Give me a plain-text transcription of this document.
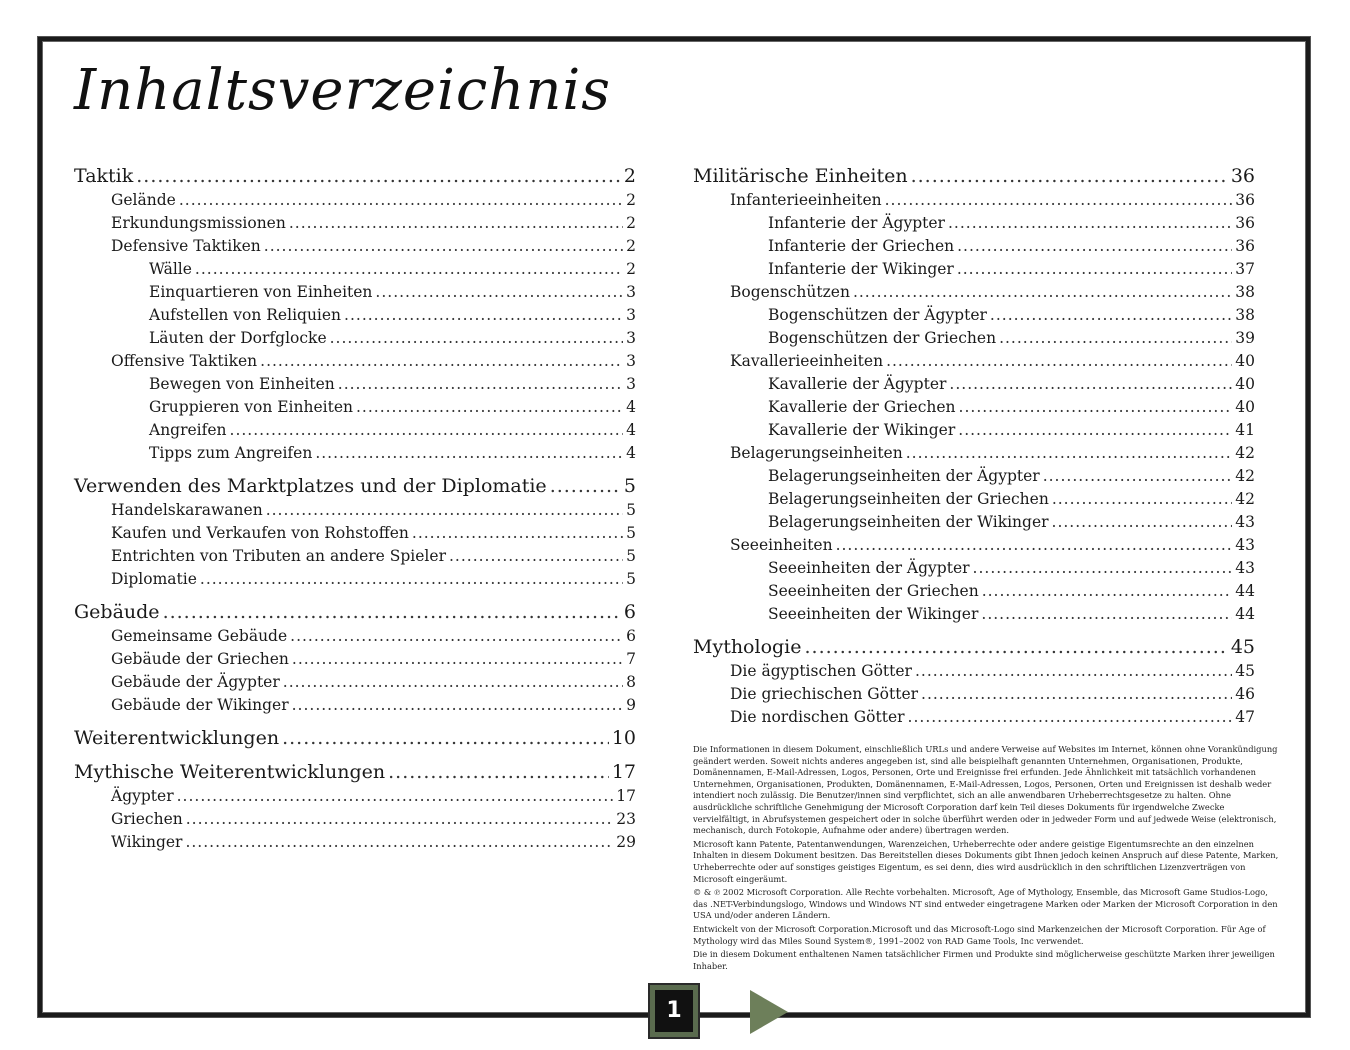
Inhaltsverzeichnis
Taktik .....	2
Gelände .....	2
Erkundungsmissionen .....	2
Defensive Taktiken .....	2
Wälle .....	2
Einquartieren von Einheiten .....	3
Aufstellen von Reliquien .....	3
Läuten der Dorfglocke .....	3
Offensive Taktiken .....	3
Bewegen von Einheiten .....	3
Gruppieren von Einheiten .....	4
Angreifen .....	4
Tipps zum Angreifen .....	4
Verwenden des Marktplatzes und der Diplomatie .....	5
Handelskarawanen .....	5
Kaufen und Verkaufen von Rohstoffen .....	5
Entrichten von Tributen an andere Spieler .....	5
Diplomatie .....	5
Gebäude .....	6
Gemeinsame Gebäude .....	6
Gebäude der Griechen .....	7
Gebäude der Ägypter .....	8
Gebäude der Wikinger .....	9
Weiterentwicklungen .....	10
Mythische Weiterentwicklungen .....	17
Ägypter .....	17
Griechen .....	23
Wikinger .....	29
Militärische Einheiten .....	36
Infanterieeinheiten .....	36
Infanterie der Ägypter .....	36
Infanterie der Griechen .....	36
Infanterie der Wikinger .....	37
Bogenschützen .....	38
Bogenschützen der Ägypter .....	38
Bogenschützen der Griechen .....	39
Kavallerieeinheiten .....	40
Kavallerie der Ägypter .....	40
Kavallerie der Griechen .....	40
Kavallerie der Wikinger .....	41
Belagerungseinheiten .....	42
Belagerungseinheiten der Ägypter .....	42
Belagerungseinheiten der Griechen .....	42
Belagerungseinheiten der Wikinger .....	43
Seeeinheiten .....	43
Seeeinheiten der Ägypter .....	43
Seeeinheiten der Griechen .....	44
Seeeinheiten der Wikinger .....	44
Mythologie .....	45
Die ägyptischen Götter .....	45
Die griechischen Götter .....	46
Die nordischen Götter .....	47

Die Informationen in diesem Dokument, einschließlich URLs und andere Verweise auf Websites im Internet, können ohne Vorankündigung geändert werden. Soweit nichts anderes angegeben ist, sind alle beispielhaft genannten Unternehmen, Organisationen, Produkte, Domänennamen, E-Mail-Adressen, Logos, Personen, Orte und Ereignisse frei erfunden. Jede Ähnlichkeit mit tatsächlich vorhandenen Unternehmen, Organisationen, Produkten, Domänennamen, E-Mail-Adressen, Logos, Personen, Orten und Ereignissen ist deshalb weder intendiert noch zulässig. Die Benutzer/innen sind verpflichtet, sich an alle anwendbaren Urheberrechtsgesetze zu halten. Ohne ausdrückliche schriftliche Genehmigung der Microsoft Corporation darf kein Teil dieses Dokuments für irgendwelche Zwecke vervielfältigt, in Abrufsystemen gespeichert oder in solche überführt werden oder in jedweder Form und auf jedwede Weise (elektronisch, mechanisch, durch Fotokopie, Aufnahme oder andere) übertragen werden.

Microsoft kann Patente, Patentanwendungen, Warenzeichen, Urheberrechte oder andere geistige Eigentumsrechte an den einzelnen Inhalten in diesem Dokument besitzen. Das Bereitstellen dieses Dokuments gibt Ihnen jedoch keinen Anspruch auf diese Patente, Marken, Urheberrechte oder auf sonstiges geistiges Eigentum, es sei denn, dies wird ausdrücklich in den schriftlichen Lizenzverträgen von Microsoft eingeräumt.

© & ℗ 2002 Microsoft Corporation. Alle Rechte vorbehalten. Microsoft, Age of Mythology, Ensemble, das Microsoft Game Studios-Logo, das .NET-Verbindungslogo, Windows und Windows NT sind entweder eingetragene Marken oder Marken der Microsoft Corporation in den USA und/oder anderen Ländern.

Entwickelt von der Microsoft Corporation.Microsoft und das Microsoft-Logo sind Markenzeichen der Microsoft Corporation. Für Age of Mythology wird das Miles Sound System®, 1991–2002 von RAD Game Tools, Inc verwendet.

Die in diesem Dokument enthaltenen Namen tatsächlicher Firmen und Produkte sind möglicherweise geschützte Marken ihrer jeweiligen Inhaber.

1
